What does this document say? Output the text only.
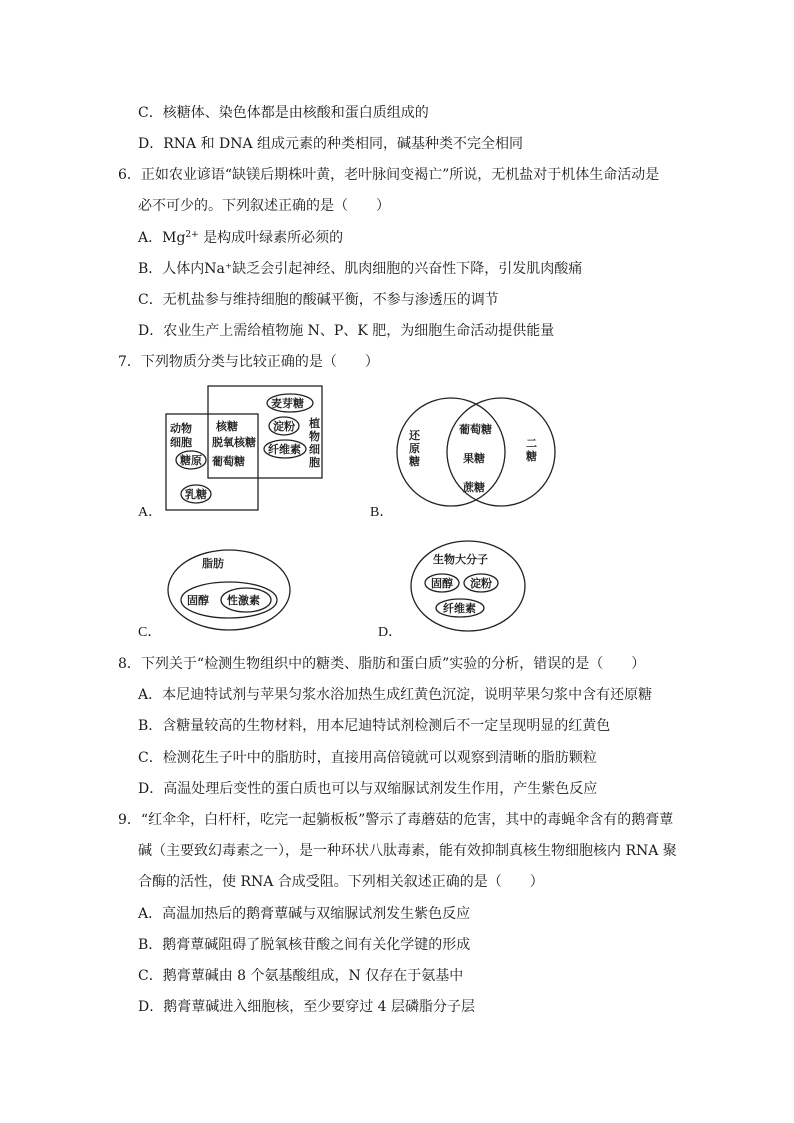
C．核糖体、染色体都是由核酸和蛋白质组成的
D．RNA 和 DNA 组成元素的种类相同，碱基种类不完全相同
6．正如农业谚语“缺镁后期株叶黄，老叶脉间变褐亡”所说，无机盐对于机体生命活动是
必不可少的。下列叙述正确的是（　　）
A．$Mg^{2+}$ 是构成叶绿素所必须的
B．人体内Na⁺缺乏会引起神经、肌肉细胞的兴奋性下降，引发肌肉酸痛
C．无机盐参与维持细胞的酸碱平衡，不参与渗透压的调节
D．农业生产上需给植物施 N、P、K 肥，为细胞生命活动提供能量
7．下列物质分类与比较正确的是（　　）
动物
细胞
核糖
脱氧核糖
葡萄糖
麦芽糖
淀粉
纤维素
植
物
细
胞
糖原
乳糖
A．
还
原
糖
二
糖
葡萄糖
果糖
蔗糖
B．
脂肪
固醇 性激素
C．
生物大分子
固醇 淀粉
纤维素
D．
8．下列关于“检测生物组织中的糖类、脂肪和蛋白质”实验的分析，错误的是（　　）
A．本尼迪特试剂与苹果匀浆水浴加热生成红黄色沉淀，说明苹果匀浆中含有还原糖
B．含糖量较高的生物材料，用本尼迪特试剂检测后不一定呈现明显的红黄色
C．检测花生子叶中的脂肪时，直接用高倍镜就可以观察到清晰的脂肪颗粒
D．高温处理后变性的蛋白质也可以与双缩脲试剂发生作用，产生紫色反应
9．“红伞伞，白杆杆，吃完一起躺板板”警示了毒蘑菇的危害，其中的毒蝇伞含有的鹅膏蕈
碱（主要致幻毒素之一），是一种环状八肽毒素，能有效抑制真核生物细胞核内 RNA 聚
合酶的活性，使 RNA 合成受阻。下列相关叙述正确的是（　　）
A．高温加热后的鹅膏蕈碱与双缩脲试剂发生紫色反应
B．鹅膏蕈碱阻碍了脱氧核苷酸之间有关化学键的形成
C．鹅膏蕈碱由 8 个氨基酸组成，N 仅存在于氨基中
D．鹅膏蕈碱进入细胞核，至少要穿过 4 层磷脂分子层
